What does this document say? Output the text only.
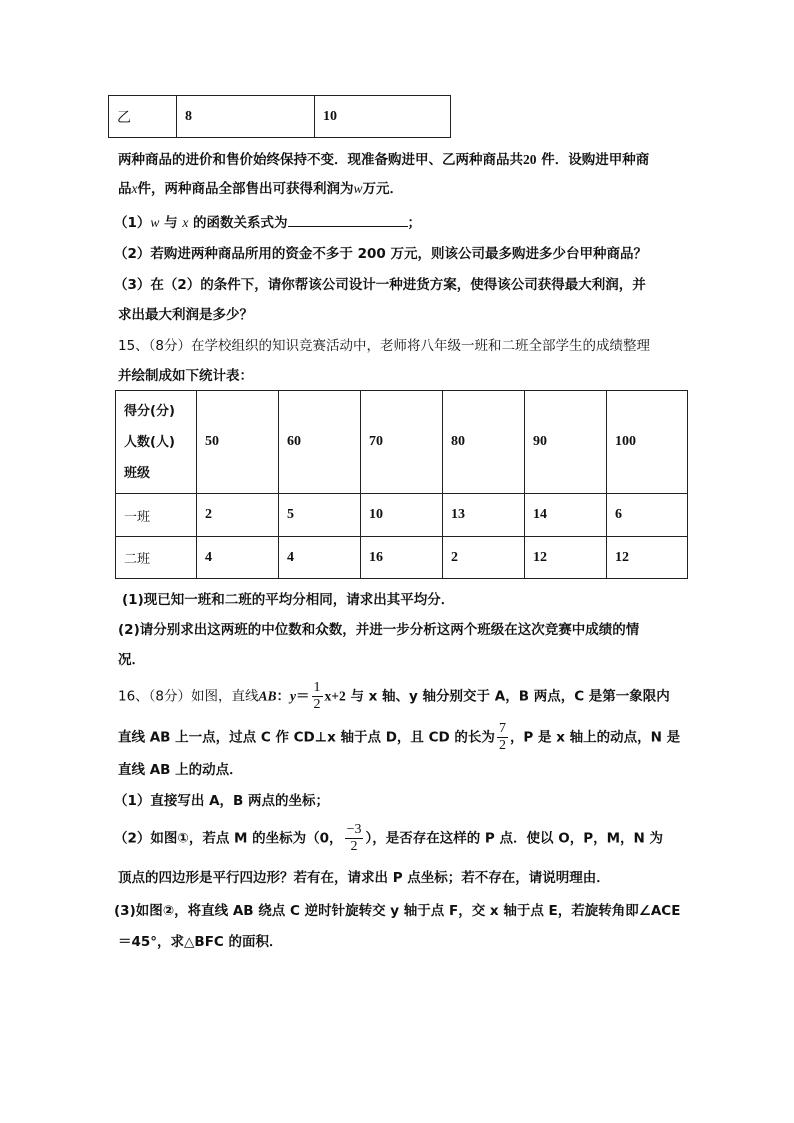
乙	8	10
两种商品的进价和售价始终保持不变．现准备购进甲、乙两种商品共20 件．设购进甲种商
品x件，两种商品全部售出可获得利润为w万元．
（1）w 与 x 的函数关系式为	；
（2）若购进两种商品所用的资金不多于 200 万元，则该公司最多购进多少台甲种商品？
（3）在（2）的条件下，请你帮该公司设计一种进货方案，使得该公司获得最大利润，并
求出最大利润是多少？
15、（8分）在学校组织的知识竞赛活动中，老师将八年级一班和二班全部学生的成绩整理
并绘制成如下统计表：
得分(分)
人数(人)
班级	50	60	70	80	90	100
一班	2	5	10	13	14	6
二班	4	4	16	2	12	12
(1)现已知一班和二班的平均分相同，请求出其平均分．
(2)请分别求出这两班的中位数和众数，并进一步分析这两个班级在这次竞赛中成绩的情
况．
16、（8分）如图，直线AB：$y= \frac{1}{2} x+2$ 与 x 轴、y 轴分别交于 A，B 两点，C 是第一象限内
直线 AB 上一点，过点 C 作 CD⊥x 轴于点 D，且 CD 的长为 $\frac{7}{2}$ ，P 是 x 轴上的动点，N 是
直线 AB 上的动点．
（1）直接写出 A，B 两点的坐标；
（2）如图①，若点 M 的坐标为（0， $\frac{-3}{2}$ ），是否存在这样的 P 点．使以 O，P，M，N 为
顶点的四边形是平行四边形？若有在，请求出 P 点坐标；若不存在，请说明理由．
(3)如图②，将直线 AB 绕点 C 逆时针旋转交 y 轴于点 F，交 x 轴于点 E，若旋转角即∠ACE
＝45°，求△BFC 的面积．
